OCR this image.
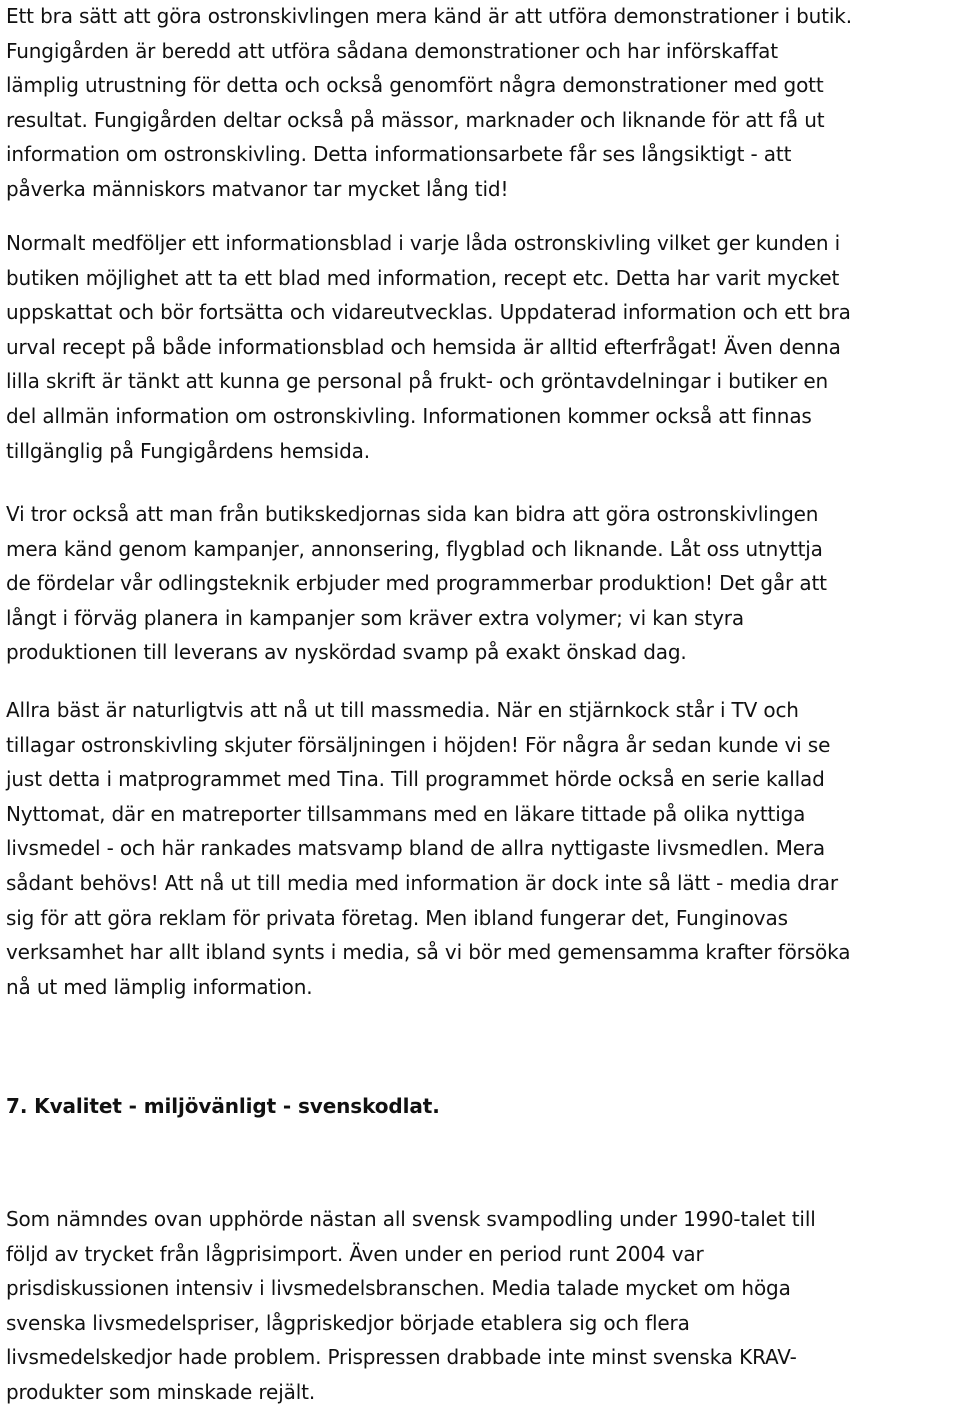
Ett bra sätt att göra ostronskivlingen mera känd är att utföra demonstrationer i butik.
Fungigården är beredd att utföra sådana demonstrationer och har införskaffat
lämplig utrustning för detta och också genomfört några demonstrationer med gott
resultat. Fungigården deltar också på mässor, marknader och liknande för att få ut
information om ostronskivling. Detta informationsarbete får ses långsiktigt - att
påverka människors matvanor tar mycket lång tid!
Normalt medföljer ett informationsblad i varje låda ostronskivling vilket ger kunden i
butiken möjlighet att ta ett blad med information, recept etc. Detta har varit mycket
uppskattat och bör fortsätta och vidareutvecklas. Uppdaterad information och ett bra
urval recept på både informationsblad och hemsida är alltid efterfrågat! Även denna
lilla skrift är tänkt att kunna ge personal på frukt- och gröntavdelningar i butiker en
del allmän information om ostronskivling. Informationen kommer också att finnas
tillgänglig på Fungigårdens hemsida.
Vi tror också att man från butikskedjornas sida kan bidra att göra ostronskivlingen
mera känd genom kampanjer, annonsering, flygblad och liknande. Låt oss utnyttja
de fördelar vår odlingsteknik erbjuder med programmerbar produktion! Det går att
långt i förväg planera in kampanjer som kräver extra volymer; vi kan styra
produktionen till leverans av nyskördad svamp på exakt önskad dag.
Allra bäst är naturligtvis att nå ut till massmedia. När en stjärnkock står i TV och
tillagar ostronskivling skjuter försäljningen i höjden! För några år sedan kunde vi se
just detta i matprogrammet med Tina. Till programmet hörde också en serie kallad
Nyttomat, där en matreporter tillsammans med en läkare tittade på olika nyttiga
livsmedel - och här rankades matsvamp bland de allra nyttigaste livsmedlen. Mera
sådant behövs! Att nå ut till media med information är dock inte så lätt - media drar
sig för att göra reklam för privata företag. Men ibland fungerar det, Funginovas
verksamhet har allt ibland synts i media, så vi bör med gemensamma krafter försöka
nå ut med lämplig information.
7. Kvalitet - miljövänligt - svenskodlat.
Som nämndes ovan upphörde nästan all svensk svampodling under 1990-talet till
följd av trycket från lågprisimport. Även under en period runt 2004 var
prisdiskussionen intensiv i livsmedelsbranschen. Media talade mycket om höga
svenska livsmedelspriser, lågpriskedjor började etablera sig och flera
livsmedelskedjor hade problem. Prispressen drabbade inte minst svenska KRAV-
produkter som minskade rejält.
